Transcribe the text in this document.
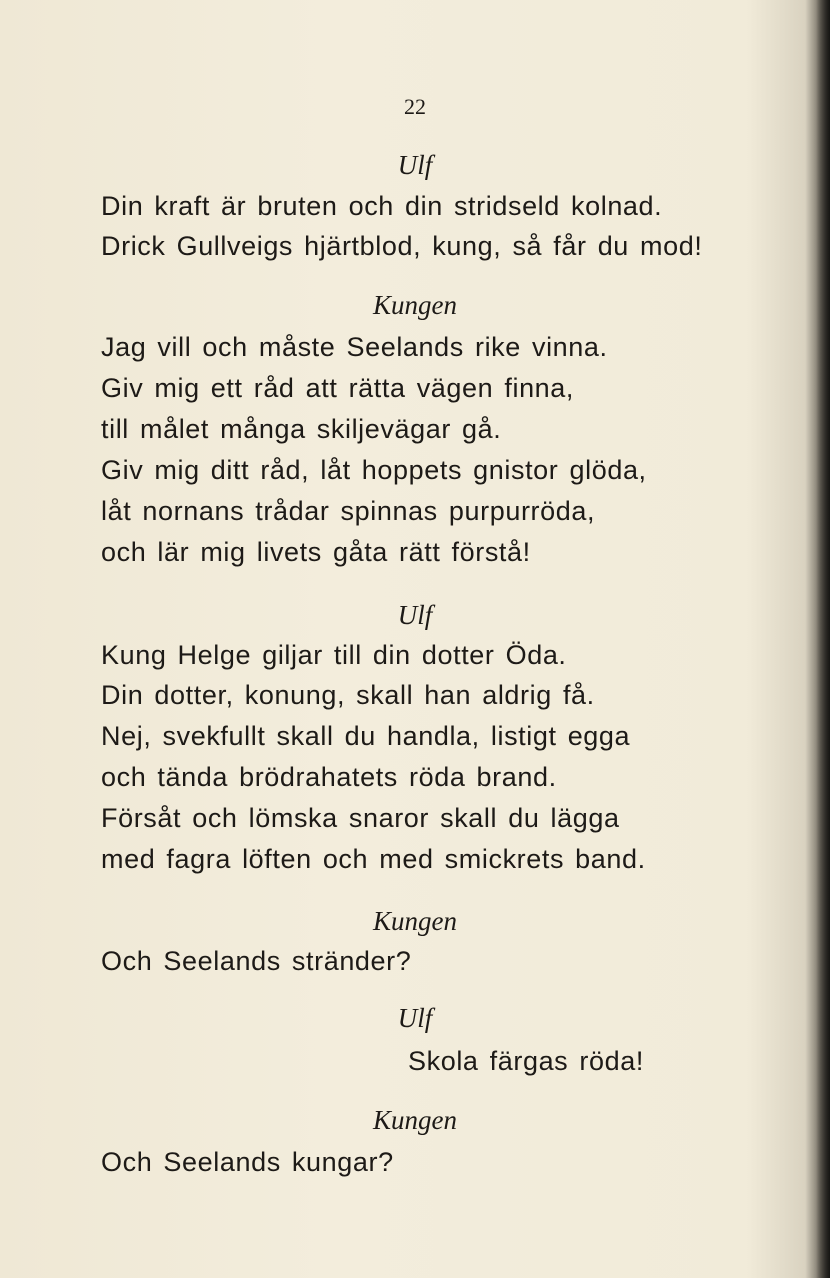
22
Ulf
Din kraft är bruten och din stridseld kolnad.
Drick Gullveigs hjärtblod, kung, så får du mod!
Kungen
Jag vill och måste Seelands rike vinna.
Giv mig ett råd att rätta vägen finna,
till målet många skiljevägar gå.
Giv mig ditt råd, låt hoppets gnistor glöda,
låt nornans trådar spinnas purpurröda,
och lär mig livets gåta rätt förstå!
Ulf
Kung Helge giljar till din dotter Öda.
Din dotter, konung, skall han aldrig få.
Nej, svekfullt skall du handla, listigt egga
och tända brödrahatets röda brand.
Försåt och lömska snaror skall du lägga
med fagra löften och med smickrets band.
Kungen
Och Seelands stränder?
Ulf
Skola färgas röda!
Kungen
Och Seelands kungar?
